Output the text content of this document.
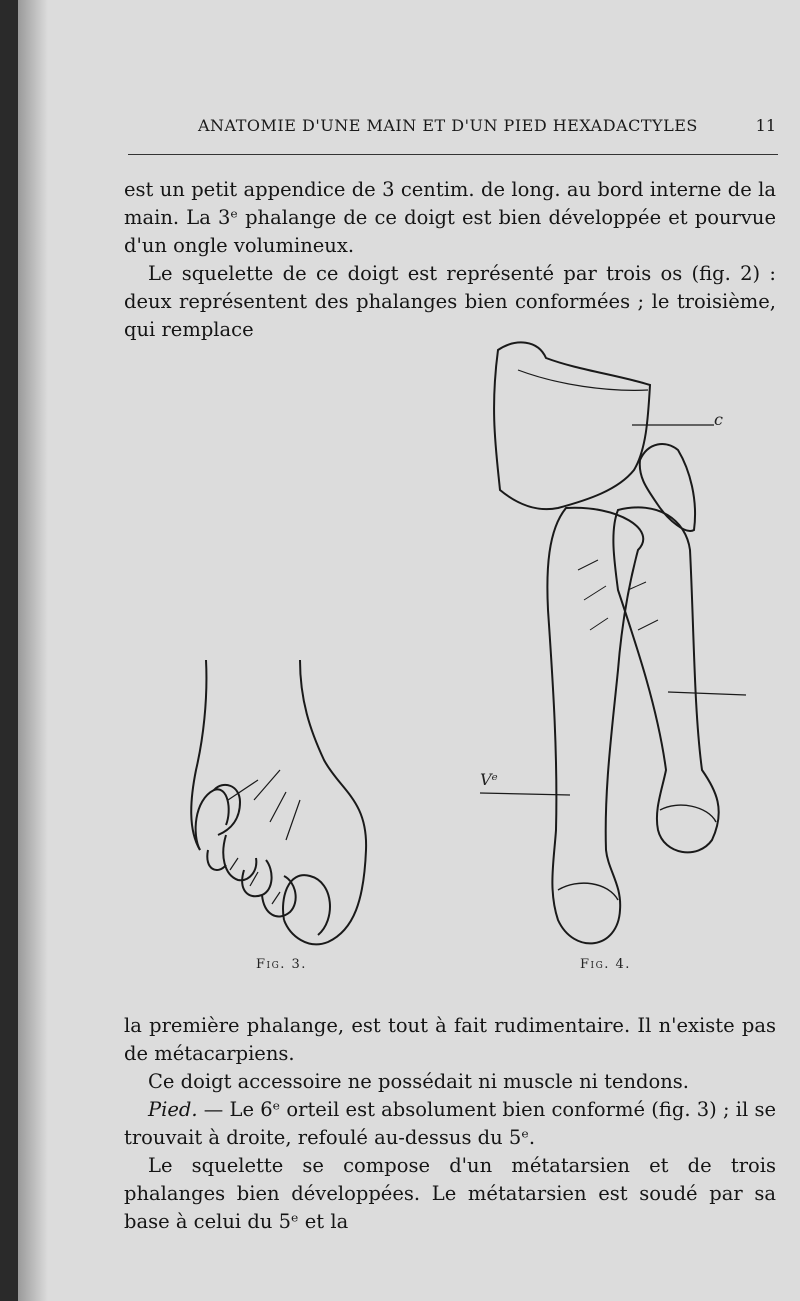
ANATOMIE D'UNE MAIN ET D'UN PIED HEXADACTYLES	11

est un petit appendice de 3 centim. de long. au bord interne de la main. La 3ᵉ phalange de ce doigt est bien développée et pourvue d'un ongle volumineux.

Le squelette de ce doigt est représenté par trois os (fig. 2) : deux représentent des phalanges bien conformées ; le troisième, qui remplace

c
Vᵉ
Fig. 3.	Fig. 4.

la première phalange, est tout à fait rudimentaire. Il n'existe pas de métacarpiens.

Ce doigt accessoire ne possédait ni muscle ni tendons.

Pied. — Le 6ᵉ orteil est absolument bien conformé (fig. 3) ; il se trouvait à droite, refoulé au-dessus du 5ᵉ.

Le squelette se compose d'un métatarsien et de trois phalanges bien développées. Le métatarsien est soudé par sa base à celui du 5ᵉ et la
